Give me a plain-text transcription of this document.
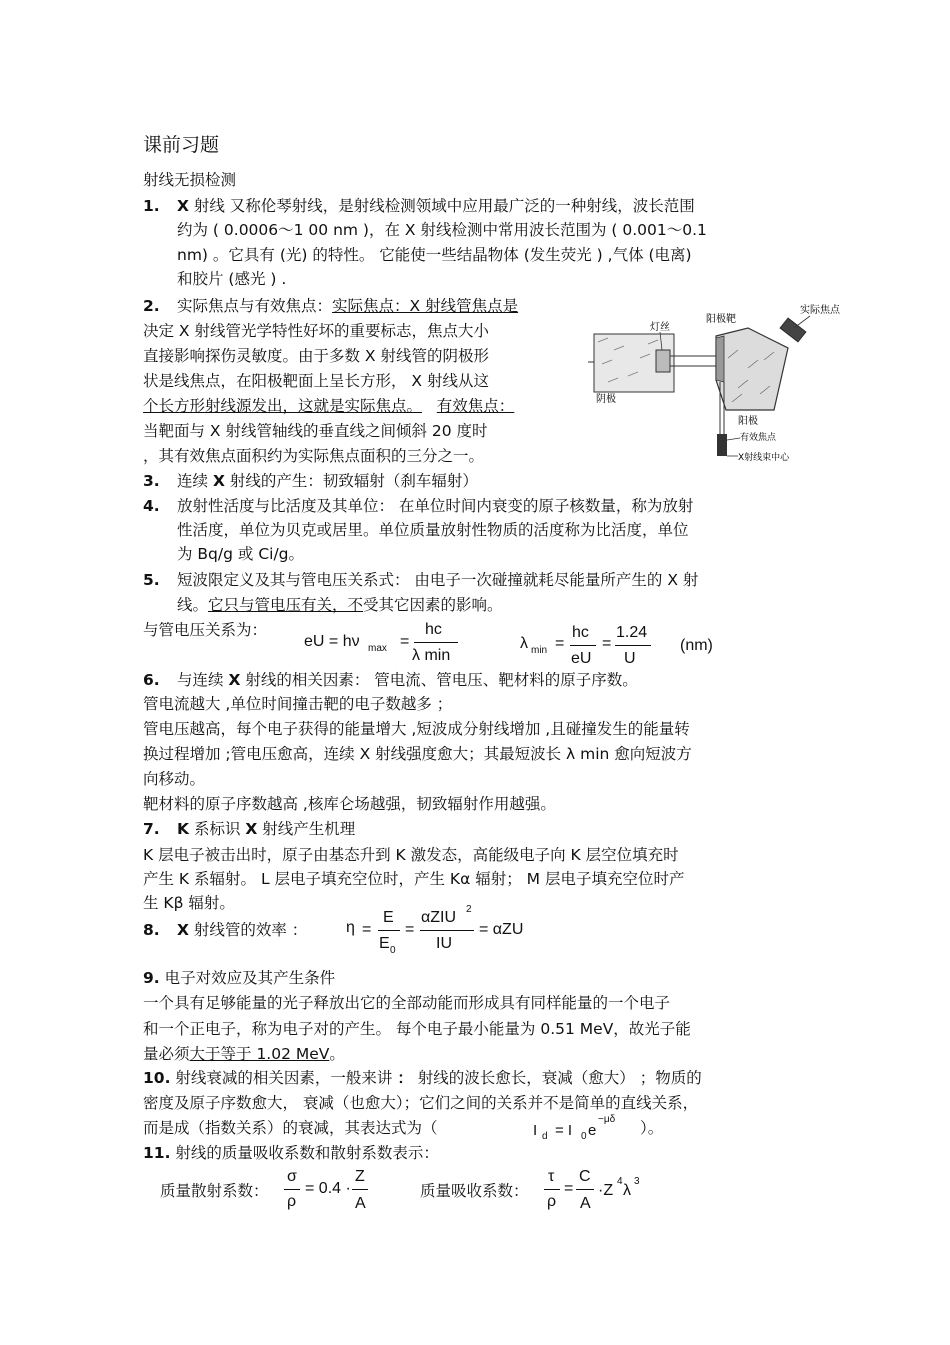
课前习题
射线无损检测
1. X 射线 又称伦琴射线，是射线检测领域中应用最广泛的一种射线，波长范围
约为 ( 0.0006～1 00 nm )，在 X 射线检测中常用波长范围为 ( 0.001～0.1
nm) 。它具有 (光) 的特性。 它能使一些结晶物体 (发生荧光 ) ,气体 (电离)
和胶片 (感光 ) .
2. 实际焦点与有效焦点：实际焦点：X 射线管焦点是
决定 X 射线管光学特性好坏的重要标志，焦点大小
直接影响探伤灵敏度。由于多数 X 射线管的阴极形
状是线焦点，在阳极靶面上呈长方形， X 射线从这
个长方形射线源发出，这就是实际焦点。 有效焦点：
当靶面与 X 射线管轴线的垂直线之间倾斜 20 度时
，其有效焦点面积约为实际焦点面积的三分之一。
灯丝
阳极靶
实际焦点
X射线束中心
有效焦点
阴极
阳极
3. 连续 X 射线的产生：韧致辐射（刹车辐射）
4. 放射性活度与比活度及其单位： 在单位时间内衰变的原子核数量，称为放射
性活度，单位为贝克或居里。单位质量放射性物质的活度称为比活度，单位
为 Bq/g 或 Ci/g。
5. 短波限定义及其与管电压关系式： 由电子一次碰撞就耗尽能量所产生的 X 射
线。它只与管电压有关，不受其它因素的影响。
与管电压关系为：
eU = hν max =
hc
λ min
λ min =
hc
eU
=
1.24
U
(nm)
6. 与连续 X 射线的相关因素： 管电流、管电压、靶材料的原子序数。
管电流越大 ,单位时间撞击靶的电子数越多 ；
管电压越高，每个电子获得的能量增大 ,短波成分射线增加 ,且碰撞发生的能量转
换过程增加 ;管电压愈高，连续 X 射线强度愈大；其最短波长 λ min 愈向短波方
向移动。
靶材料的原子序数越高 ,核库仑场越强，韧致辐射作用越强。
7. K 系标识 X 射线产生机理
K 层电子被击出时，原子由基态升到 K 激发态，高能级电子向 K 层空位填充时
产生 K 系辐射。 L 层电子填充空位时，产生 Kα 辐射； M 层电子填充空位时产
生 Kβ 辐射。
8. X 射线管的效率 ： η =
E
E 0
=
αZIU 2
IU
= αZU
9. 电子对效应及其产生条件
一个具有足够能量的光子释放出它的全部动能而形成具有同样能量的一个电子
和一个正电子，称为电子对的产生。 每个电子最小能量为 0.51 MeV，故光子能
量必须大于等于 1.02 MeV。
10. 射线衰减的相关因素，一般来讲 ： 射线的波长愈长，衰减（愈大） ；物质的
密度及原子序数愈大， 衰减（也愈大）；它们之间的关系并不是简单的直线关系，
而是成（指数关系）的衰减，其表达式为（	I d = I 0 e
−μδ ）。
11. 射线的质量吸收系数和散射系数表示：
质量散射系数：
σ
ρ
= 0.4 ·
Z
A
质量吸收系数：
τ
ρ
=
C
A
·Z
4
λ
3
